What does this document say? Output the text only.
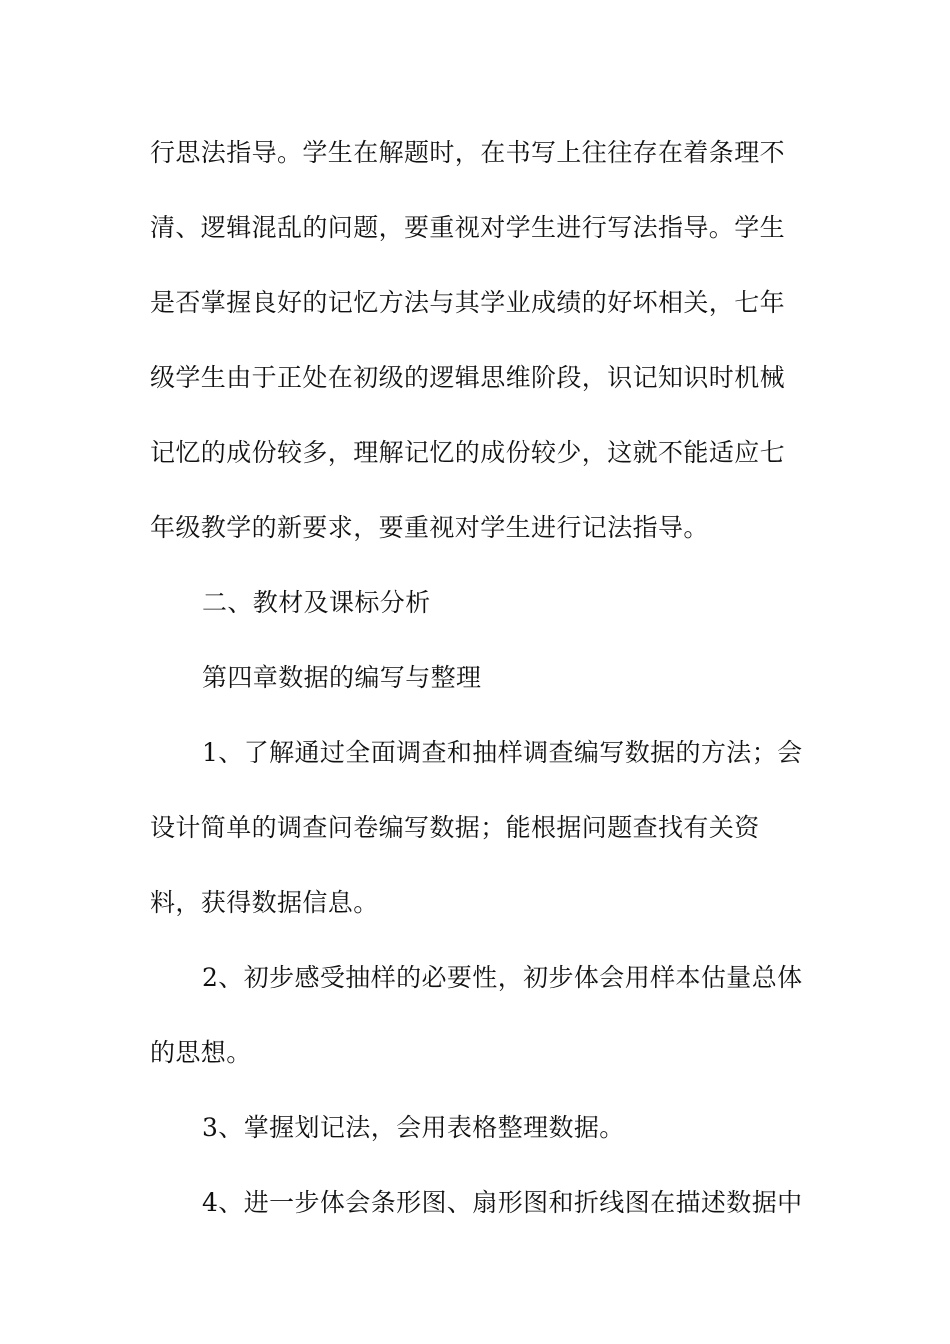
行思法指导。学生在解题时，在书写上往往存在着条理不
清、逻辑混乱的问题，要重视对学生进行写法指导。学生
是否掌握良好的记忆方法与其学业成绩的好坏相关，七年
级学生由于正处在初级的逻辑思维阶段，识记知识时机械
记忆的成份较多，理解记忆的成份较少，这就不能适应七
年级教学的新要求，要重视对学生进行记法指导。
二、教材及课标分析
第四章数据的编写与整理
1、了解通过全面调查和抽样调查编写数据的方法；会
设计简单的调查问卷编写数据；能根据问题查找有关资
料，获得数据信息。
2、初步感受抽样的必要性，初步体会用样本估量总体
的思想。
3、掌握划记法，会用表格整理数据。
4、进一步体会条形图、扇形图和折线图在描述数据中
